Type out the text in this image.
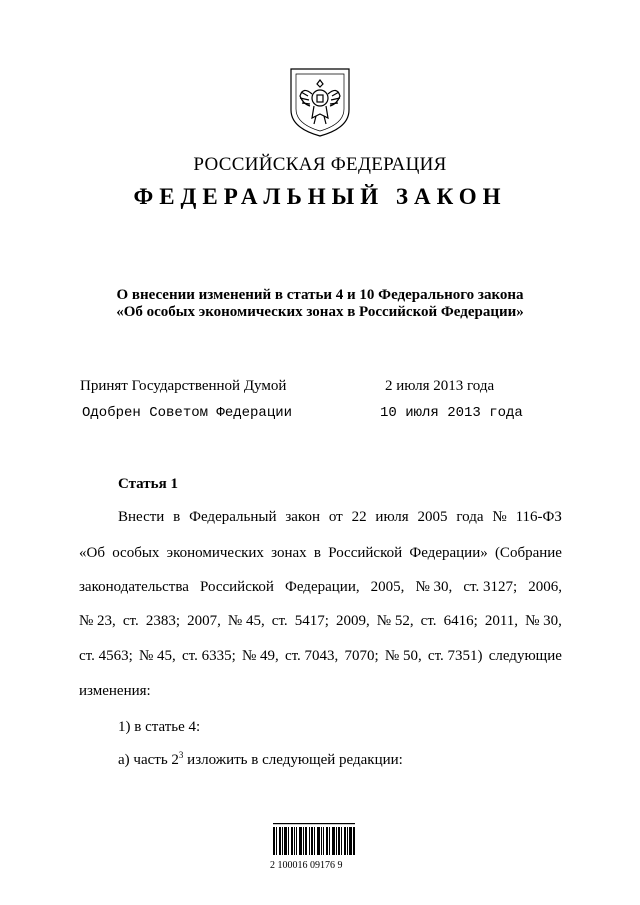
РОССИЙСКАЯ ФЕДЕРАЦИЯ
ФЕДЕРАЛЬНЫЙ ЗАКОН
О внесении изменений в статьи 4 и 10 Федерального закона
«Об особых экономических зонах в Российской Федерации»
Принят Государственной Думой	2 июля 2013 года
Одобрен Советом Федерации	10 июля 2013 года
Статья 1
Внести в Федеральный закон от 22 июля 2005 года № 116-ФЗ
«Об особых экономических зонах в Российской Федерации» (Собрание
законодательства Российской Федерации, 2005, № 30, ст. 3127; 2006,
№ 23, ст. 2383; 2007, № 45, ст. 5417; 2009, № 52, ст. 6416; 2011, № 30,
ст. 4563; № 45, ст. 6335; № 49, ст. 7043, 7070; № 50, ст. 7351) следующие
изменения:
1) в статье 4:
а) часть $2^3$ изложить в следующей редакции:
2 100016 09176 9
